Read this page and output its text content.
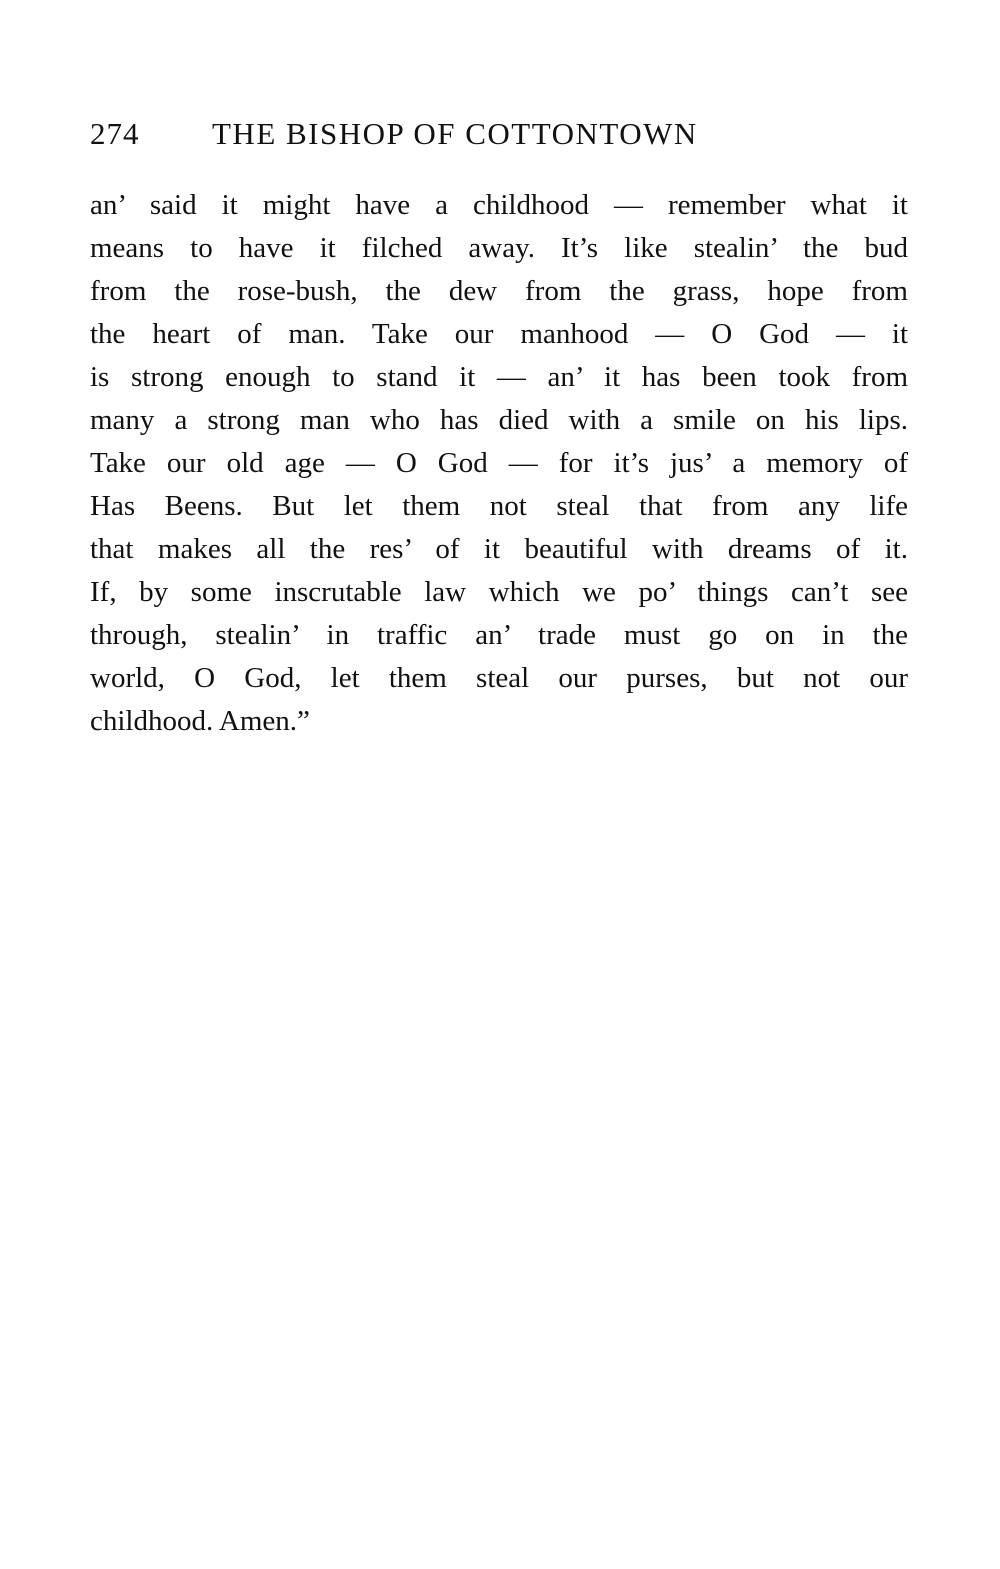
274 THE BISHOP OF COTTONTOWN
an’ said it might have a childhood — remember what it
means to have it filched away. It’s like stealin’ the bud
from the rose-bush, the dew from the grass, hope from
the heart of man. Take our manhood — O God — it
is strong enough to stand it — an’ it has been took from
many a strong man who has died with a smile on his lips.
Take our old age — O God — for it’s jus’ a memory of
Has Beens. But let them not steal that from any life
that makes all the res’ of it beautiful with dreams of it.
If, by some inscrutable law which we po’ things can’t see
through, stealin’ in traffic an’ trade must go on in the
world, O God, let them steal our purses, but not our
childhood. Amen.”
